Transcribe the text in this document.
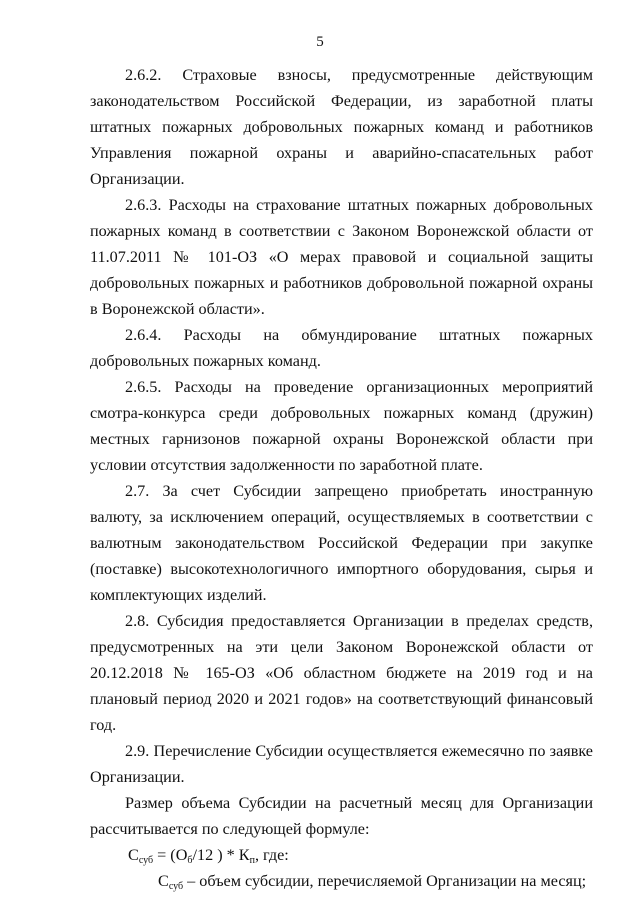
5

2.6.2. Страховые взносы, предусмотренные действующим законодательством Российской Федерации, из заработной платы штатных пожарных добровольных пожарных команд и работников Управления пожарной охраны и аварийно-спасательных работ Организации.

2.6.3. Расходы на страхование штатных пожарных добровольных пожарных команд в соответствии с Законом Воронежской области от 11.07.2011 № 101-ОЗ «О мерах правовой и социальной защиты добровольных пожарных и работников добровольной пожарной охраны в Воронежской области».

2.6.4. Расходы на обмундирование штатных пожарных добровольных пожарных команд.

2.6.5. Расходы на проведение организационных мероприятий смотра-конкурса среди добровольных пожарных команд (дружин) местных гарнизонов пожарной охраны Воронежской области при условии отсутствия задолженности по заработной плате.

2.7. За счет Субсидии запрещено приобретать иностранную валюту, за исключением операций, осуществляемых в соответствии с валютным законодательством Российской Федерации при закупке (поставке) высокотехнологичного импортного оборудования, сырья и комплектующих изделий.

2.8. Субсидия предоставляется Организации в пределах средств, предусмотренных на эти цели Законом Воронежской области от 20.12.2018 № 165-ОЗ «Об областном бюджете на 2019 год и на плановый период 2020 и 2021 годов» на соответствующий финансовый год.

2.9. Перечисление Субсидии осуществляется ежемесячно по заявке Организации.

Размер объема Субсидии на расчетный месяц для Организации рассчитывается по следующей формуле:

$С_{суб} = (О_б/12$ ) * $К_п$, где:

$С_{суб}$ – объем субсидии, перечисляемой Организации на месяц;
